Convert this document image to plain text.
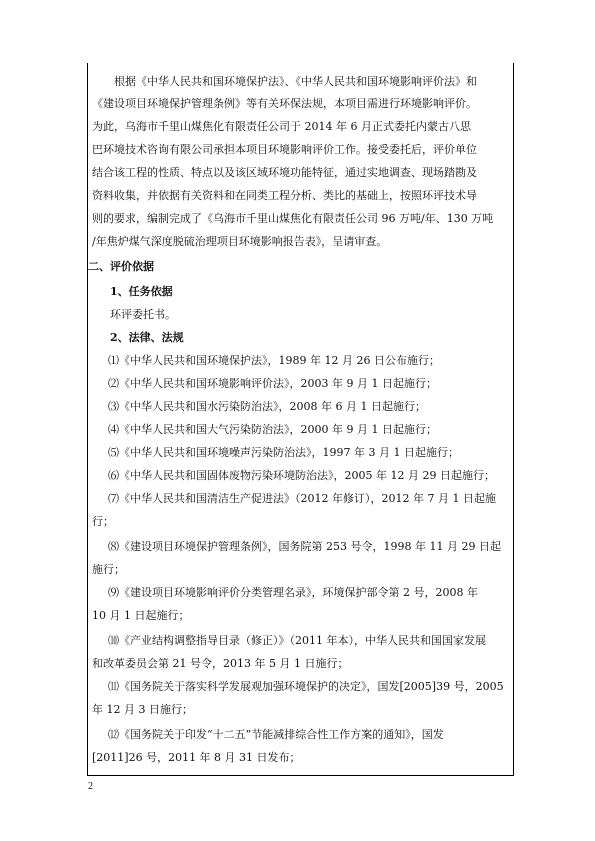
根据《中华人民共和国环境保护法》、《中华人民共和国环境影响评价法》和
《建设项目环境保护管理条例》等有关环保法规，本项目需进行环境影响评价。
为此，乌海市千里山煤焦化有限责任公司于 2014 年 6 月正式委托内蒙古八思
巴环境技术咨询有限公司承担本项目环境影响评价工作。接受委托后，评价单位
结合该工程的性质、特点以及该区域环境功能特征，通过实地调查、现场踏勘及
资料收集，并依据有关资料和在同类工程分析、类比的基础上，按照环评技术导
则的要求，编制完成了《乌海市千里山煤焦化有限责任公司 96 万吨/年、130 万吨
/年焦炉煤气深度脱硫治理项目环境影响报告表》，呈请审查。
二、评价依据
1、任务依据
环评委托书。
2、法律、法规
⑴《中华人民共和国环境保护法》，1989 年 12 月 26 日公布施行；
⑵《中华人民共和国环境影响评价法》，2003 年 9 月 1 日起施行；
⑶《中华人民共和国水污染防治法》，2008 年 6 月 1 日起施行；
⑷《中华人民共和国大气污染防治法》，2000 年 9 月 1 日起施行；
⑸《中华人民共和国环境噪声污染防治法》，1997 年 3 月 1 日起施行；
⑹《中华人民共和国固体废物污染环境防治法》，2005 年 12 月 29 日起施行；
⑺《中华人民共和国清洁生产促进法》（2012 年修订），2012 年 7 月 1 日起施
行；
⑻《建设项目环境保护管理条例》，国务院第 253 号令，1998 年 11 月 29 日起
施行；
⑼《建设项目环境影响评价分类管理名录》，环境保护部令第 2 号，2008 年
10 月 1 日起施行；
⑽《产业结构调整指导目录（修正）》（2011 年本），中华人民共和国国家发展
和改革委员会第 21 号令，2013 年 5 月 1 日施行；
⑾《国务院关于落实科学发展观加强环境保护的决定》，国发[2005]39 号，2005
年 12 月 3 日施行；
⑿《国务院关于印发“十二五”节能减排综合性工作方案的通知》，国发
[2011]26 号，2011 年 8 月 31 日发布；
2
